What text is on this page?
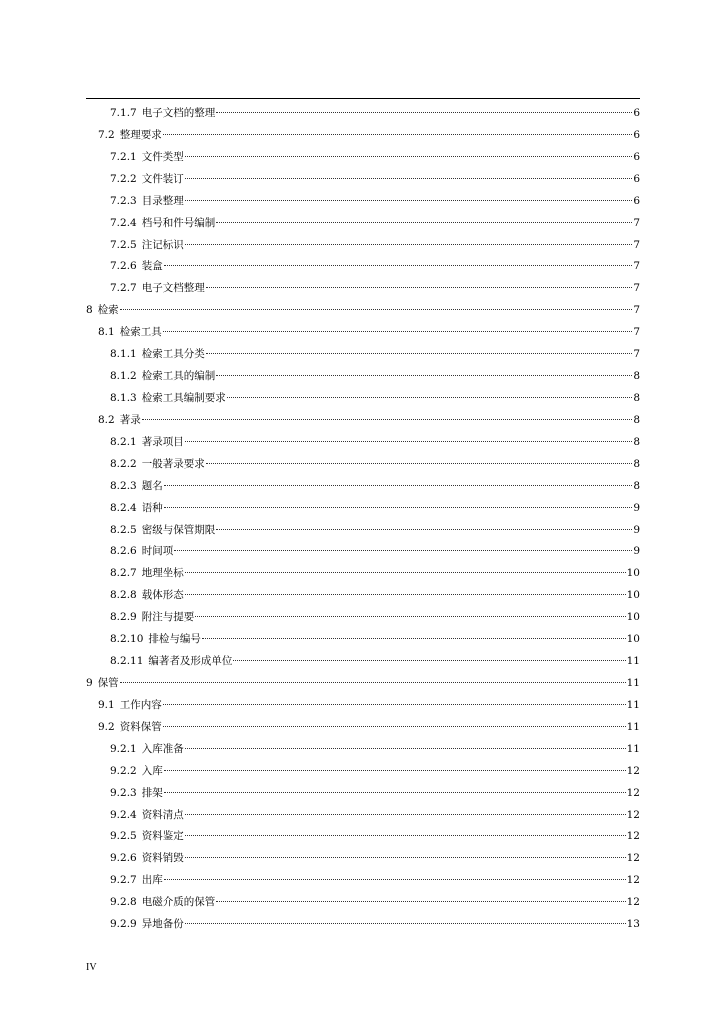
7.1.7 电子文档的整理	6
7.2 整理要求	6
7.2.1 文件类型	6
7.2.2 文件装订	6
7.2.3 目录整理	6
7.2.4 档号和件号编制	7
7.2.5 注记标识	7
7.2.6 装盒	7
7.2.7 电子文档整理	7
8 检索	7
8.1 检索工具	7
8.1.1 检索工具分类	7
8.1.2 检索工具的编制	8
8.1.3 检索工具编制要求	8
8.2 著录	8
8.2.1 著录项目	8
8.2.2 一般著录要求	8
8.2.3 题名	8
8.2.4 语种	9
8.2.5 密级与保管期限	9
8.2.6 时间项	9
8.2.7 地理坐标	10
8.2.8 载体形态	10
8.2.9 附注与提要	10
8.2.10 排检与编号	10
8.2.11 编著者及形成单位	11
9 保管	11
9.1 工作内容	11
9.2 资料保管	11
9.2.1 入库准备	11
9.2.2 入库	12
9.2.3 排架	12
9.2.4 资料清点	12
9.2.5 资料鉴定	12
9.2.6 资料销毁	12
9.2.7 出库	12
9.2.8 电磁介质的保管	12
9.2.9 异地备份	13
IV
